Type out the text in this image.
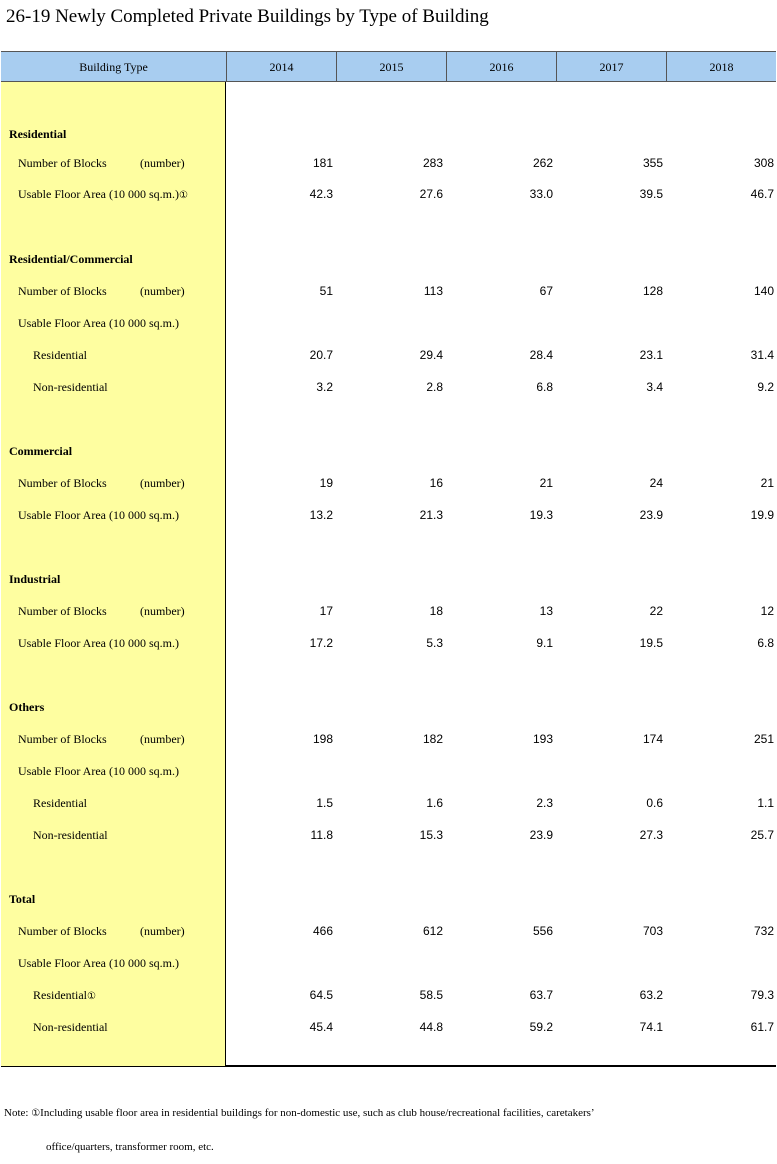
26-19 Newly Completed Private Buildings by Type of Building
Building Type	2014	2015	2016	2017	2018
Residential
Number of Blocks	(number)	181	283	262	355	308
Usable Floor Area (10 000 sq.m.)①	42.3	27.6	33.0	39.5	46.7
Residential/Commercial
Number of Blocks	(number)	51	113	67	128	140
Usable Floor Area (10 000 sq.m.)
Residential	20.7	29.4	28.4	23.1	31.4
Non-residential	3.2	2.8	6.8	3.4	9.2
Commercial
Number of Blocks	(number)	19	16	21	24	21
Usable Floor Area (10 000 sq.m.)	13.2	21.3	19.3	23.9	19.9
Industrial
Number of Blocks	(number)	17	18	13	22	12
Usable Floor Area (10 000 sq.m.)	17.2	5.3	9.1	19.5	6.8
Others
Number of Blocks	(number)	198	182	193	174	251
Usable Floor Area (10 000 sq.m.)
Residential	1.5	1.6	2.3	0.6	1.1
Non-residential	11.8	15.3	23.9	27.3	25.7
Total
Number of Blocks	(number)	466	612	556	703	732
Usable Floor Area (10 000 sq.m.)
Residential①	64.5	58.5	63.7	63.2	79.3
Non-residential	45.4	44.8	59.2	74.1	61.7
Note: ①Including usable floor area in residential buildings for non-domestic use, such as club house/recreational facilities, caretakers’
office/quarters, transformer room, etc.
